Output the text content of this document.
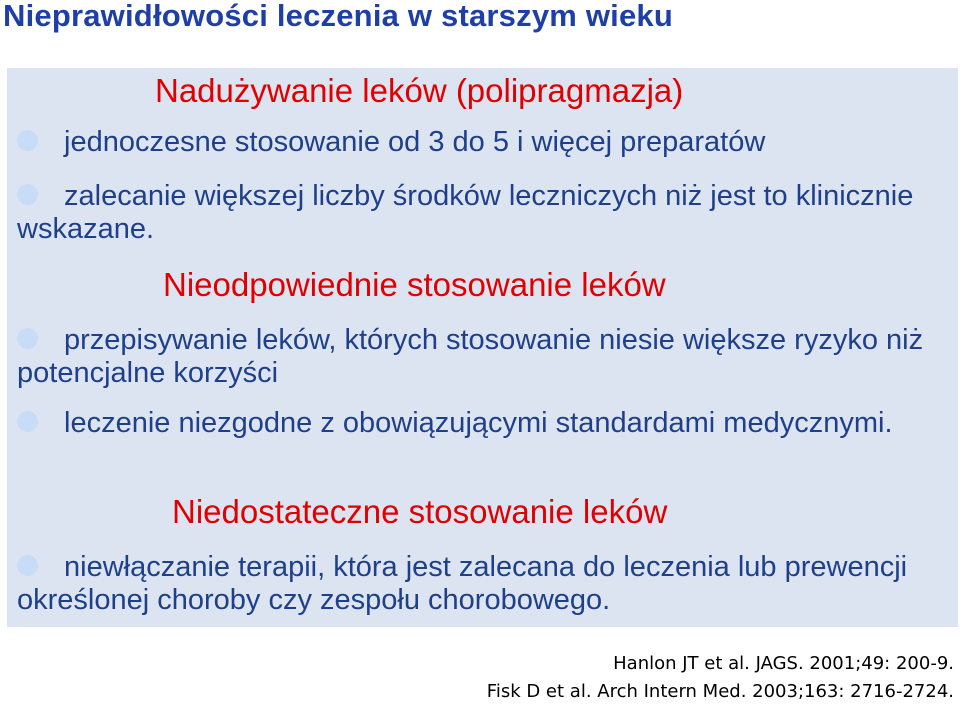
Nieprawidłowości leczenia w starszym wieku
Nadużywanie leków (polipragmazja)
jednoczesne stosowanie od 3 do 5 i więcej preparatów
zalecanie większej liczby środków leczniczych niż jest to klinicznie wskazane.
Nieodpowiednie stosowanie leków
przepisywanie leków, których stosowanie niesie większe ryzyko niż potencjalne korzyści
leczenie niezgodne z obowiązującymi standardami medycznymi.
Niedostateczne stosowanie leków
niewłączanie terapii, która jest zalecana do leczenia lub prewencji określonej choroby czy zespołu chorobowego.
Hanlon JT et al. JAGS. 2001;49: 200-9.
Fisk D et al. Arch Intern Med. 2003;163: 2716-2724.
